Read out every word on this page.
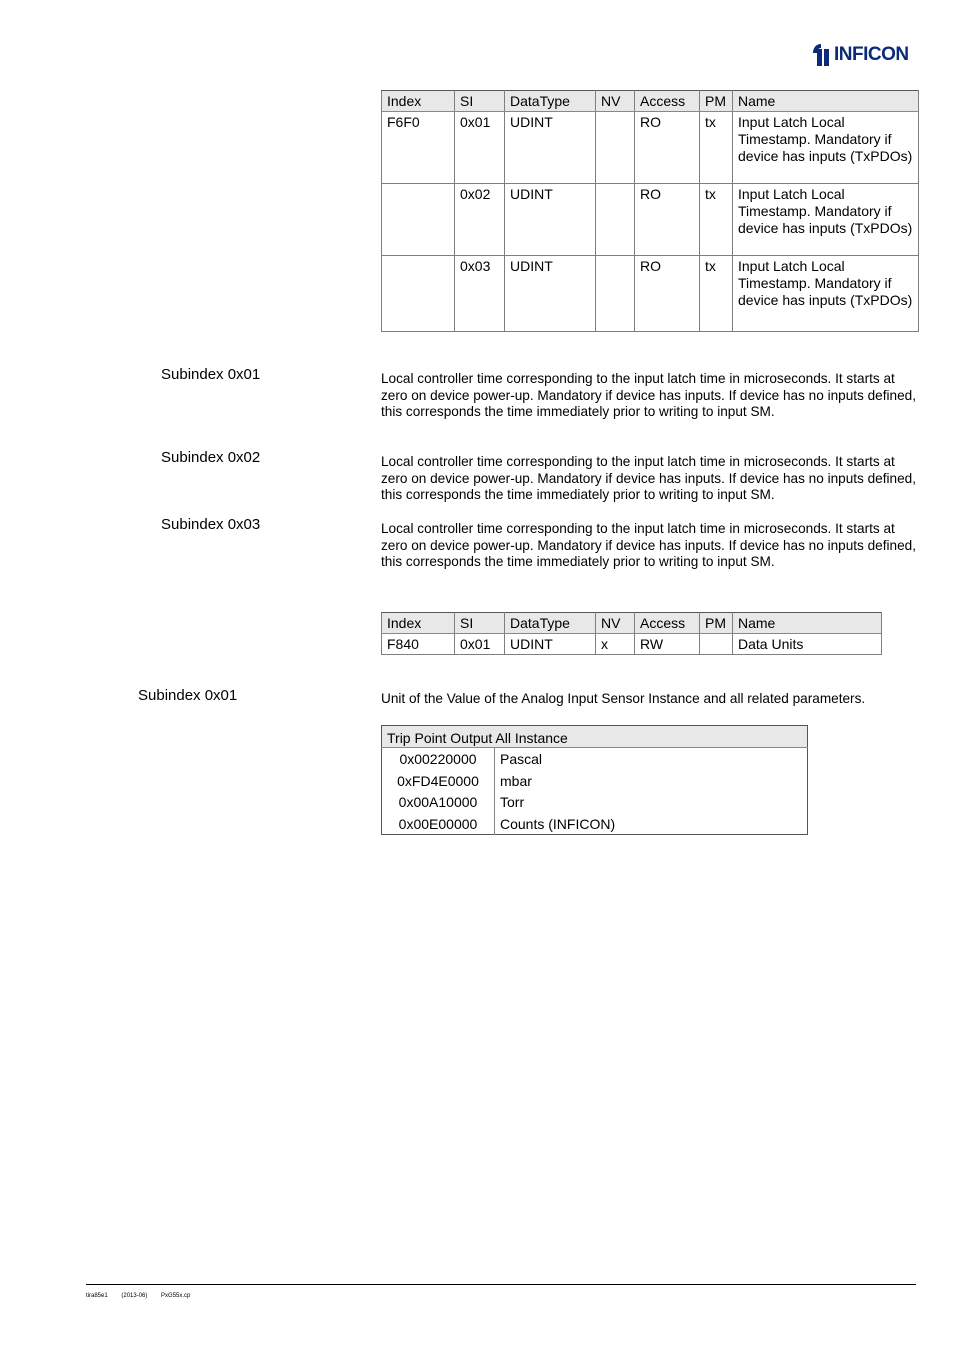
INFICON
Index	SI	DataType	NV	Access	PM	Name
F6F0	0x01	UDINT		RO	tx	Input Latch Local Timestamp. Mandatory if device has inputs (TxPDOs)
	0x02	UDINT		RO	tx	Input Latch Local Timestamp. Mandatory if device has inputs (TxPDOs)
	0x03	UDINT		RO	tx	Input Latch Local Timestamp. Mandatory if device has inputs (TxPDOs)
Subindex 0x01	Local controller time corresponding to the input latch time in microseconds. It starts at zero on device power-up. Mandatory if device has inputs. If device has no inputs defined, this corresponds the time immediately prior to writing to input SM.
Subindex 0x02	Local controller time corresponding to the input latch time in microseconds. It starts at zero on device power-up. Mandatory if device has inputs. If device has no inputs defined, this corresponds the time immediately prior to writing to input SM.
Subindex 0x03	Local controller time corresponding to the input latch time in microseconds. It starts at zero on device power-up. Mandatory if device has inputs. If device has no inputs defined, this corresponds the time immediately prior to writing to input SM.
Index	SI	DataType	NV	Access	PM	Name
F840	0x01	UDINT	x	RW		Data Units
Subindex 0x01	Unit of the Value of the Analog Input Sensor Instance and all related parameters.
Trip Point Output All Instance	
0x00220000	Pascal
0xFD4E0000	mbar
0x00A10000	Torr
0x00E00000	Counts (INFICON)
tira85e1 (2013-06) PxG55x.cp
